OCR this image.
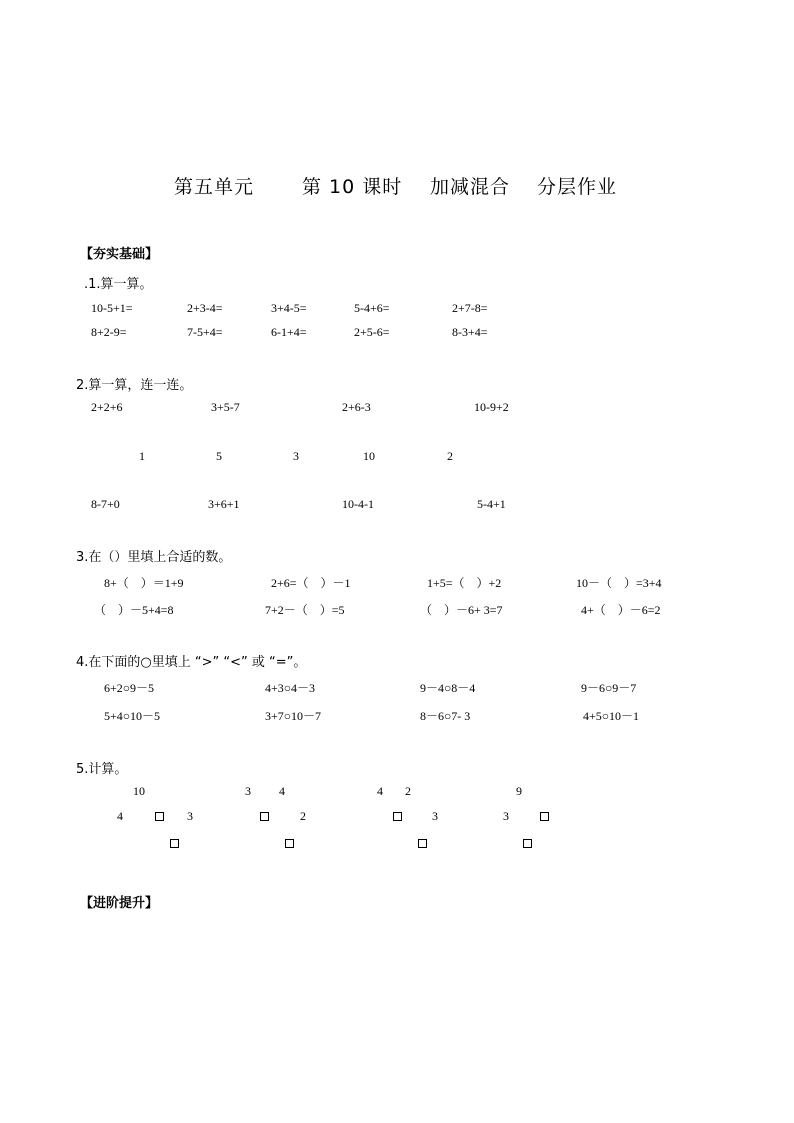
第五单元	第 10 课时 加减混合 分层作业
【夯实基础】
.1.算一算。
10-5+1=	2+3-4=	3+4-5=	5-4+6=	2+7-8=
8+2-9=	7-5+4=	6-1+4=	2+5-6=	8-3+4=
2.算一算，连一连。
2+2+6	3+5-7	2+6-3	10-9+2
1	5	3	10	2
8-7+0	3+6+1	10-4-1	5-4+1
3.在（）里填上合适的数。
8+（　）＝1+9	2+6=（　）－1	1+5=（　）+2	10－（　）=3+4
（　）－5+4=8	7+2－（　）=5	（　）－6+ 3=7	4+（　）－6=2
4.在下面的○里填上 “>” “<” 或 “=”。
6+2○9－5	4+3○4－3	9－4○8－4	9－6○9－7
5+4○10－5	3+7○10－7	8－6○7- 3	4+5○10－1
5.计算。
10
4	3
3 4
2
4 2
3
9
3
【进阶提升】
